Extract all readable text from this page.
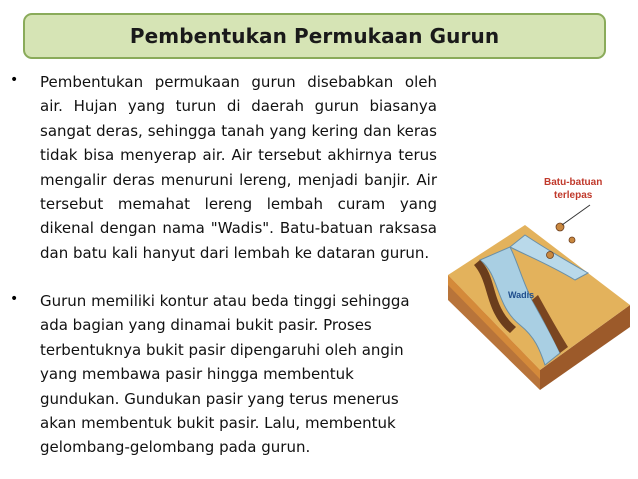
Pembentukan Permukaan Gurun
• Pembentukan permukaan gurun disebabkan oleh air. Hujan yang turun di daerah gurun biasanya sangat deras, sehingga tanah yang kering dan keras tidak bisa menyerap air. Air tersebut akhirnya terus mengalir deras menuruni lereng, menjadi banjir. Air tersebut memahat lereng lembah curam yang dikenal dengan nama "Wadis". Batu-batuan raksasa dan batu kali hanyut dari lembah ke dataran gurun.
• Gurun memiliki kontur atau beda tinggi sehingga ada bagian yang dinamai bukit pasir. Proses terbentuknya bukit pasir dipengaruhi oleh angin yang membawa pasir hingga membentuk gundukan. Gundukan pasir yang terus menerus akan membentuk bukit pasir. Lalu, membentuk gelombang-gelombang pada gurun.
Batu-batuan
terlepas
Wadis
